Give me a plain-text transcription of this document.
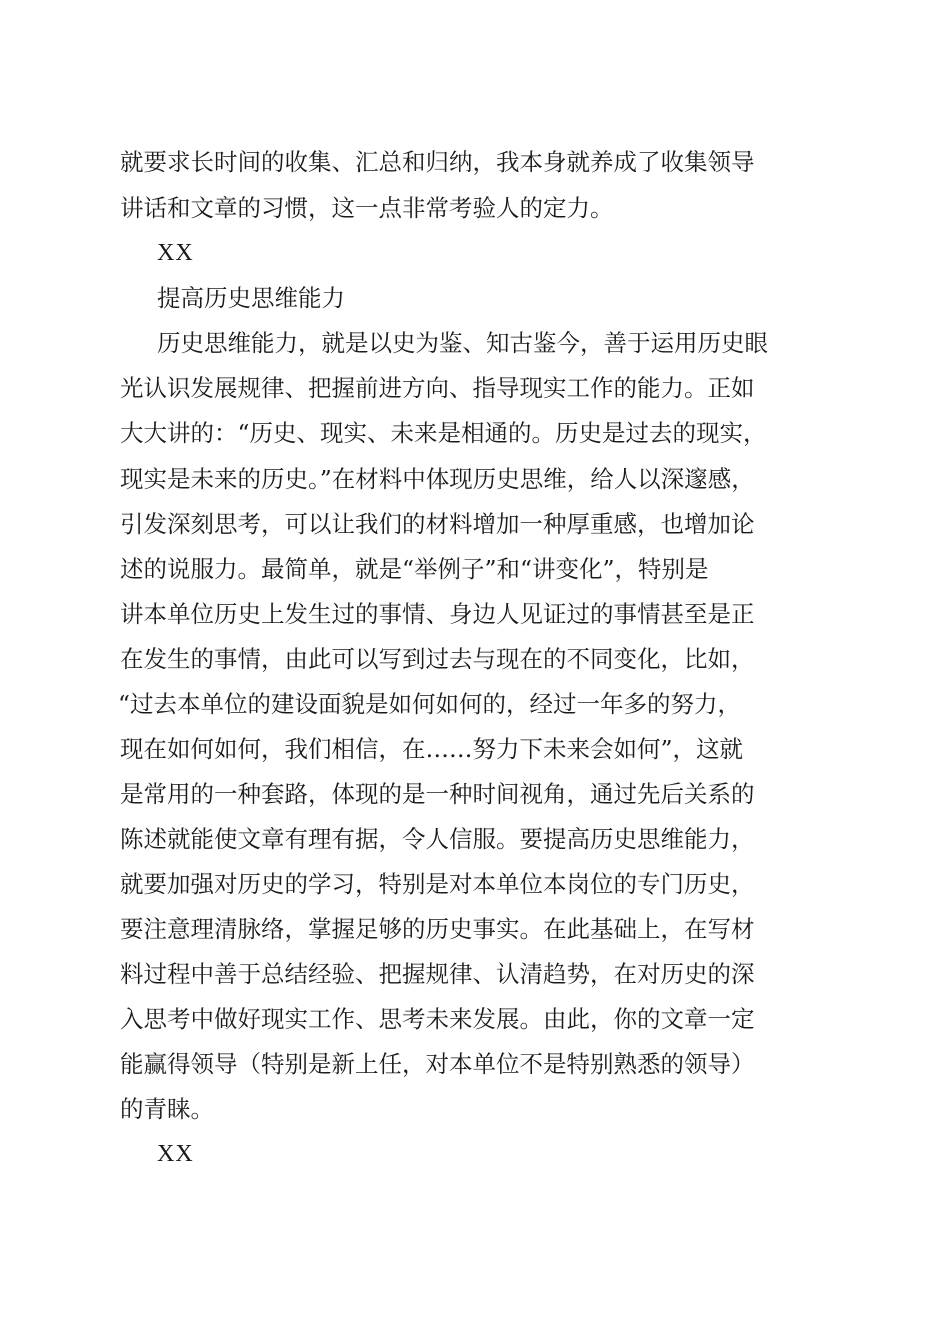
就要求长时间的收集、汇总和归纳，我本身就养成了收集领导
讲话和文章的习惯，这一点非常考验人的定力。
XX
提高历史思维能力
历史思维能力，就是以史为鉴、知古鉴今，善于运用历史眼
光认识发展规律、把握前进方向、指导现实工作的能力。正如
大大讲的：“历史、现实、未来是相通的。历史是过去的现实，
现实是未来的历史。”在材料中体现历史思维，给人以深邃感，
引发深刻思考，可以让我们的材料增加一种厚重感，也增加论
述的说服力。最简单，就是“举例子”和“讲变化”，特别是
讲本单位历史上发生过的事情、身边人见证过的事情甚至是正
在发生的事情，由此可以写到过去与现在的不同变化，比如，
“过去本单位的建设面貌是如何如何的，经过一年多的努力，
现在如何如何，我们相信，在……努力下未来会如何”，这就
是常用的一种套路，体现的是一种时间视角，通过先后关系的
陈述就能使文章有理有据，令人信服。要提高历史思维能力，
就要加强对历史的学习，特别是对本单位本岗位的专门历史，
要注意理清脉络，掌握足够的历史事实。在此基础上，在写材
料过程中善于总结经验、把握规律、认清趋势，在对历史的深
入思考中做好现实工作、思考未来发展。由此，你的文章一定
能赢得领导（特别是新上任，对本单位不是特别熟悉的领导）
的青睐。
XX
